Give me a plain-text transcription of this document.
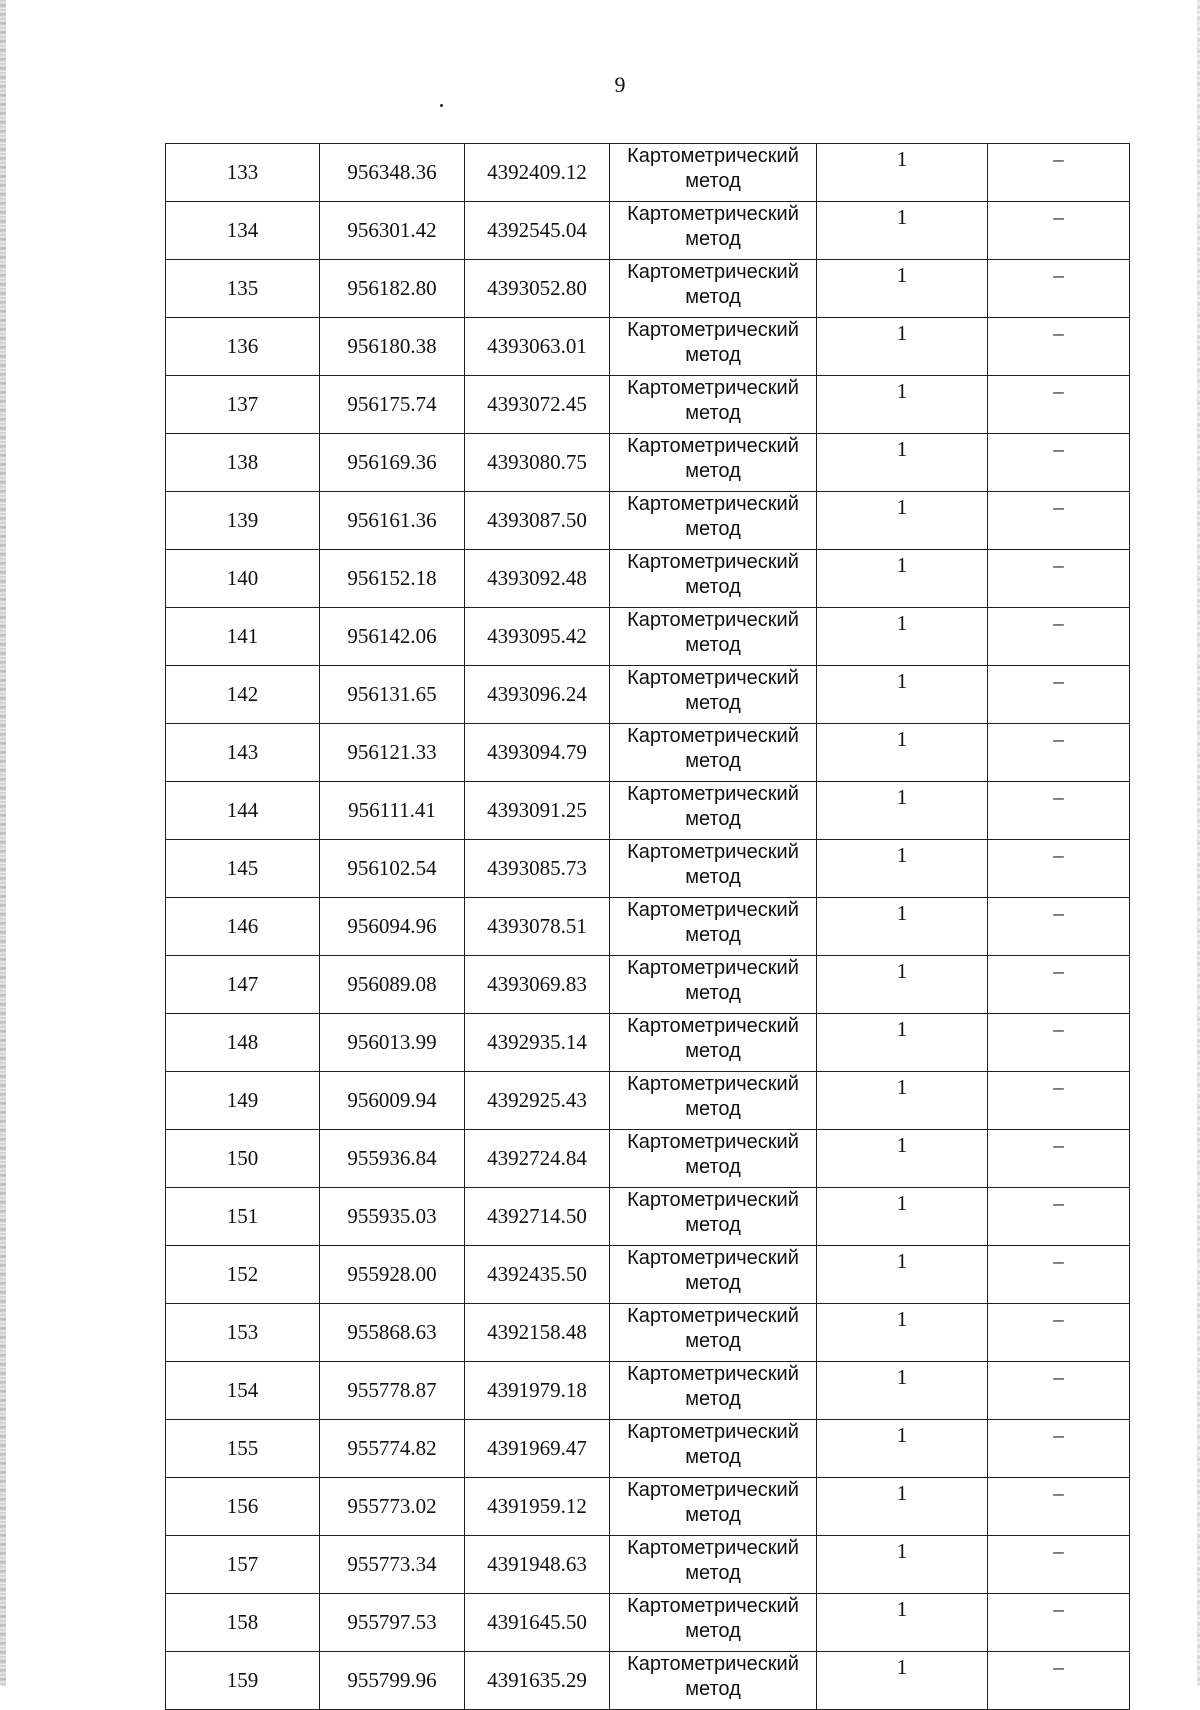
9
133	956348.36	4392409.12	Картометрический
метод	1	–
134	956301.42	4392545.04	Картометрический
метод	1	–
135	956182.80	4393052.80	Картометрический
метод	1	–
136	956180.38	4393063.01	Картометрический
метод	1	–
137	956175.74	4393072.45	Картометрический
метод	1	–
138	956169.36	4393080.75	Картометрический
метод	1	–
139	956161.36	4393087.50	Картометрический
метод	1	–
140	956152.18	4393092.48	Картометрический
метод	1	–
141	956142.06	4393095.42	Картометрический
метод	1	–
142	956131.65	4393096.24	Картометрический
метод	1	–
143	956121.33	4393094.79	Картометрический
метод	1	–
144	956111.41	4393091.25	Картометрический
метод	1	–
145	956102.54	4393085.73	Картометрический
метод	1	–
146	956094.96	4393078.51	Картометрический
метод	1	–
147	956089.08	4393069.83	Картометрический
метод	1	–
148	956013.99	4392935.14	Картометрический
метод	1	–
149	956009.94	4392925.43	Картометрический
метод	1	–
150	955936.84	4392724.84	Картометрический
метод	1	–
151	955935.03	4392714.50	Картометрический
метод	1	–
152	955928.00	4392435.50	Картометрический
метод	1	–
153	955868.63	4392158.48	Картометрический
метод	1	–
154	955778.87	4391979.18	Картометрический
метод	1	–
155	955774.82	4391969.47	Картометрический
метод	1	–
156	955773.02	4391959.12	Картометрический
метод	1	–
157	955773.34	4391948.63	Картометрический
метод	1	–
158	955797.53	4391645.50	Картометрический
метод	1	–
159	955799.96	4391635.29	Картометрический
метод	1	–
